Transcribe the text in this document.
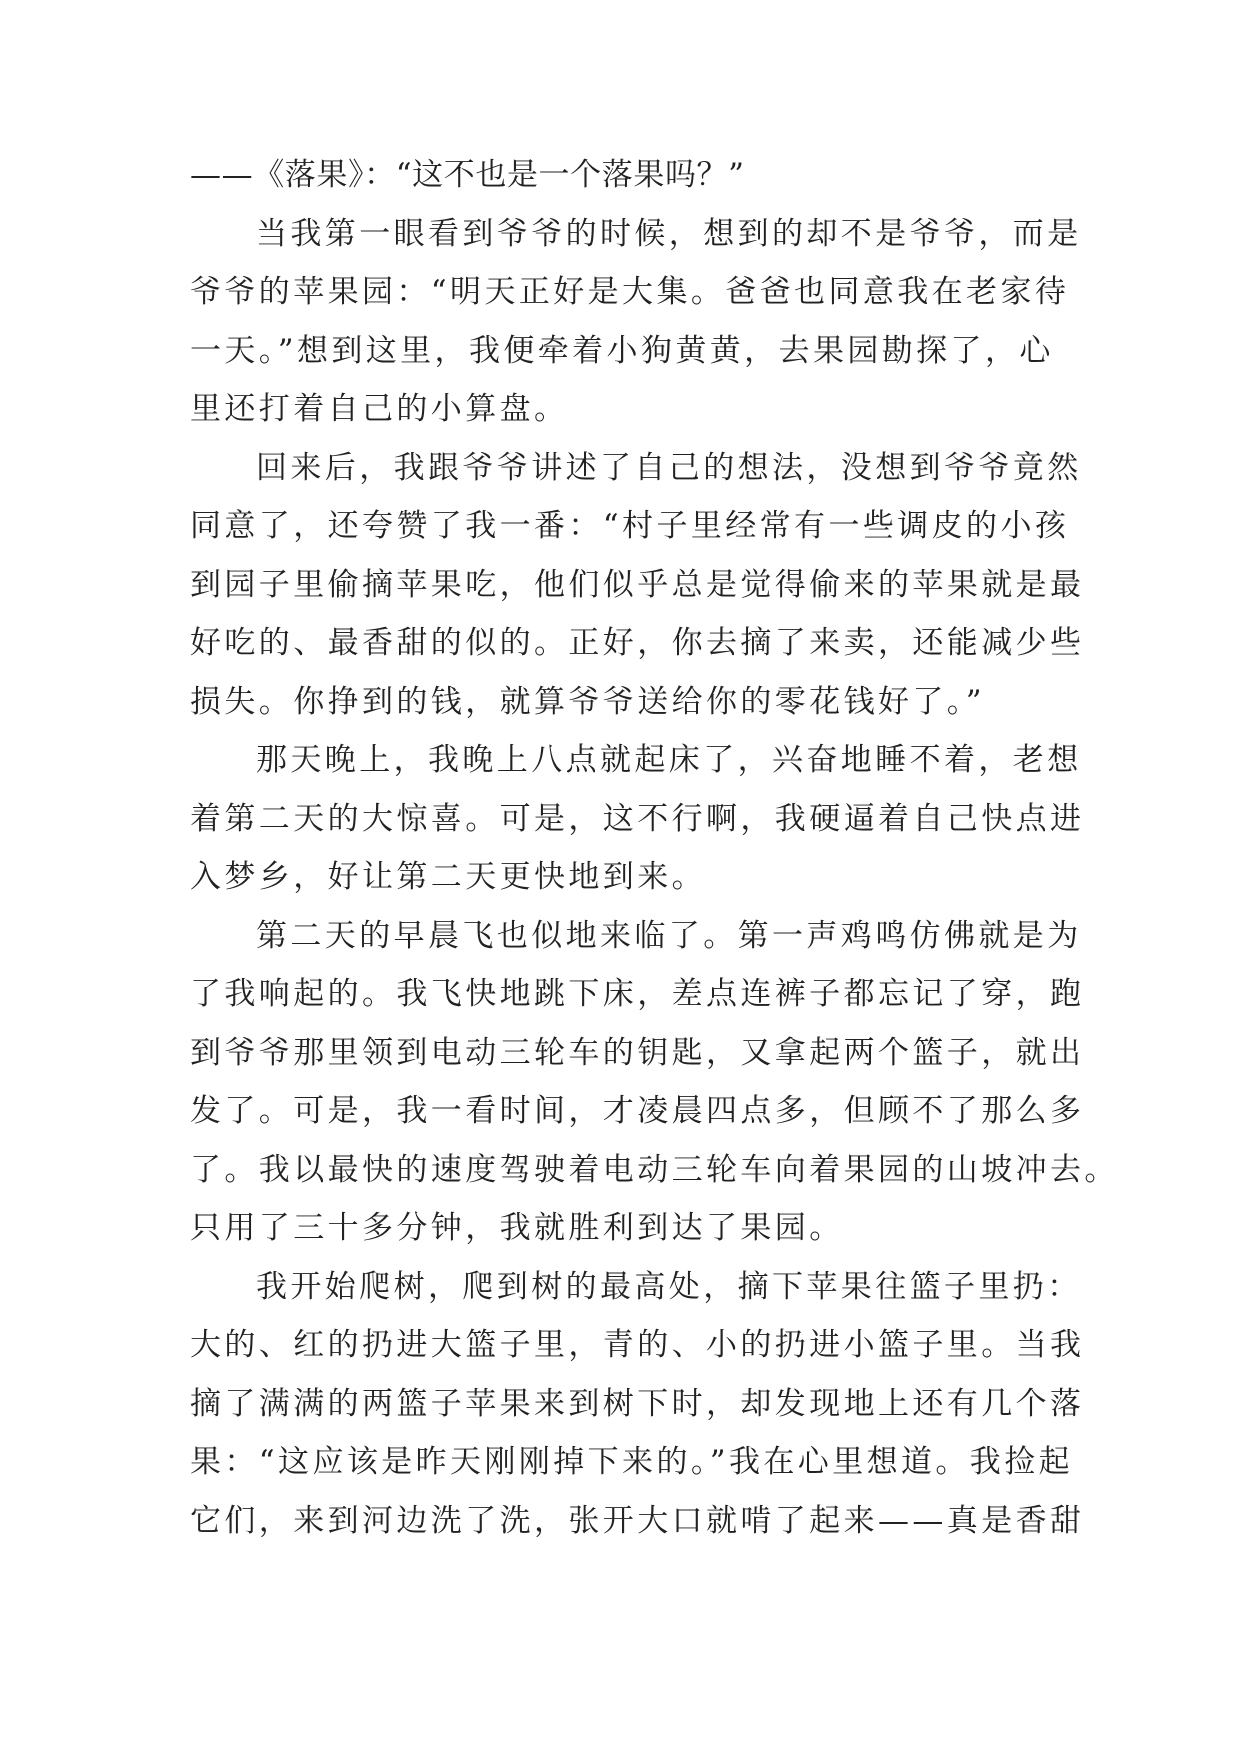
——《落果》：“这不也是一个落果吗？”
当我第一眼看到爷爷的时候，想到的却不是爷爷，而是
爷爷的苹果园：“明天正好是大集。爸爸也同意我在老家待
一天。”想到这里，我便牵着小狗黄黄，去果园勘探了，心
里还打着自己的小算盘。
回来后，我跟爷爷讲述了自己的想法，没想到爷爷竟然
同意了，还夸赞了我一番：“村子里经常有一些调皮的小孩
到园子里偷摘苹果吃，他们似乎总是觉得偷来的苹果就是最
好吃的、最香甜的似的。正好，你去摘了来卖，还能减少些
损失。你挣到的钱，就算爷爷送给你的零花钱好了。”
那天晚上，我晚上八点就起床了，兴奋地睡不着，老想
着第二天的大惊喜。可是，这不行啊，我硬逼着自己快点进
入梦乡，好让第二天更快地到来。
第二天的早晨飞也似地来临了。第一声鸡鸣仿佛就是为
了我响起的。我飞快地跳下床，差点连裤子都忘记了穿，跑
到爷爷那里领到电动三轮车的钥匙，又拿起两个篮子，就出
发了。可是，我一看时间，才凌晨四点多，但顾不了那么多
了。我以最快的速度驾驶着电动三轮车向着果园的山坡冲去。
只用了三十多分钟，我就胜利到达了果园。
我开始爬树，爬到树的最高处，摘下苹果往篮子里扔：
大的、红的扔进大篮子里，青的、小的扔进小篮子里。当我
摘了满满的两篮子苹果来到树下时，却发现地上还有几个落
果：“这应该是昨天刚刚掉下来的。”我在心里想道。我捡起
它们，来到河边洗了洗，张开大口就啃了起来——真是香甜
